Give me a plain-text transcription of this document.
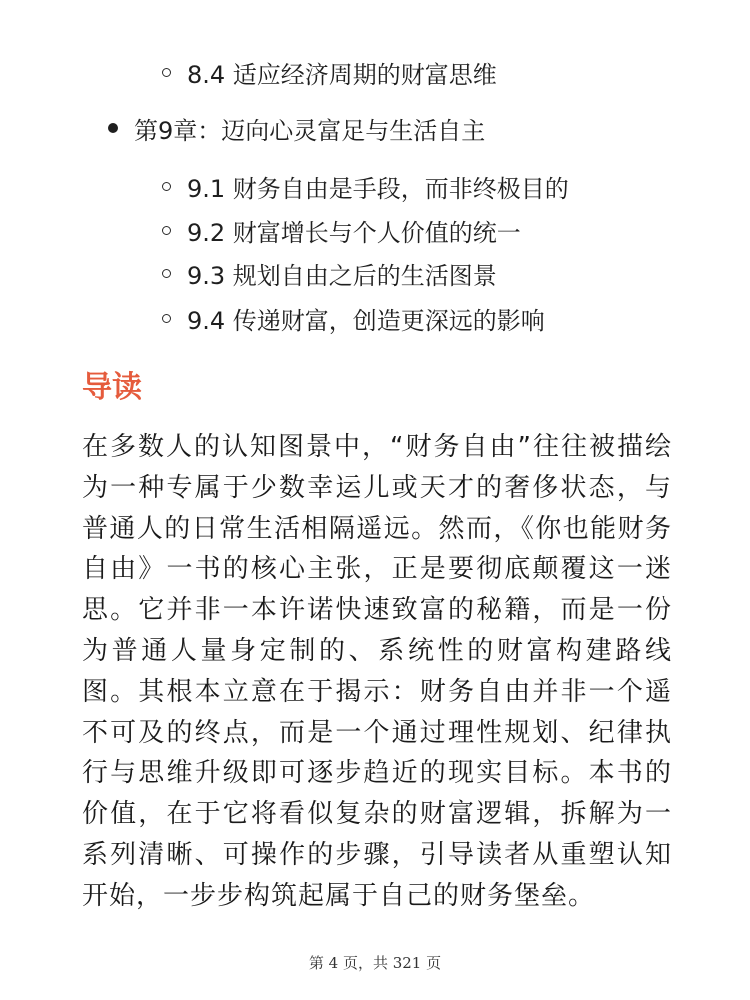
8.4 适应经济周期的财富思维
第9章：迈向心灵富足与生活自主
9.1 财务自由是手段，而非终极目的
9.2 财富增长与个人价值的统一
9.3 规划自由之后的生活图景
9.4 传递财富，创造更深远的影响
导读

在多数人的认知图景中，“财务自由”往往被描绘为一种专属于少数幸运儿或天才的奢侈状态，与普通人的日常生活相隔遥远。然而，《你也能财务自由》一书的核心主张，正是要彻底颠覆这一迷思。它并非一本许诺快速致富的秘籍，而是一份为普通人量身定制的、系统性的财富构建路线图。其根本立意在于揭示：财务自由并非一个遥不可及的终点，而是一个通过理性规划、纪律执行与思维升级即可逐步趋近的现实目标。本书的价值，在于它将看似复杂的财富逻辑，拆解为一系列清晰、可操作的步骤，引导读者从重塑认知开始，一步步构筑起属于自己的财务堡垒。

第 4 页，共 321 页
